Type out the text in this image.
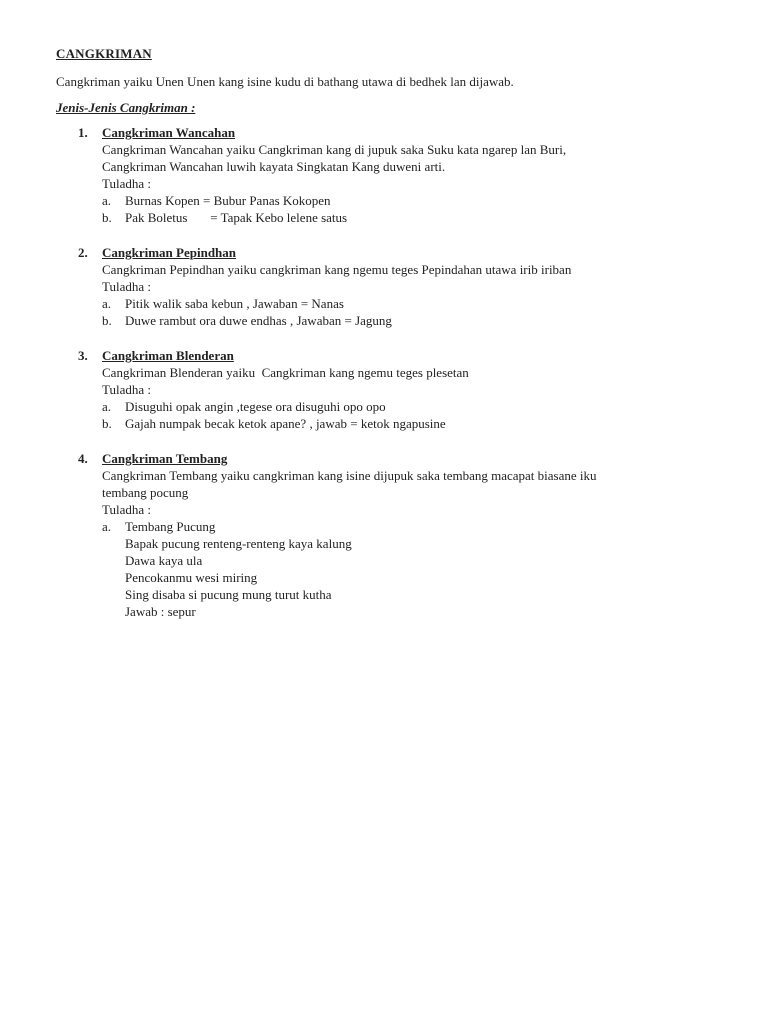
CANGKRIMAN
Cangkriman yaiku Unen Unen kang isine kudu di bathang utawa di bedhek lan dijawab.
Jenis-Jenis Cangkriman :
1. Cangkriman Wancahan
Cangkriman Wancahan yaiku Cangkriman kang di jupuk saka Suku kata ngarep lan Buri,
Cangkriman Wancahan luwih kayata Singkatan Kang duweni arti.
Tuladha :
a. Burnas Kopen = Bubur Panas Kokopen
b. Pak Boletus       = Tapak Kebo lelene satus
2. Cangkriman Pepindhan
Cangkriman Pepindhan yaiku cangkriman kang ngemu teges Pepindahan utawa irib iriban
Tuladha :
a. Pitik walik saba kebun , Jawaban = Nanas
b. Duwe rambut ora duwe endhas , Jawaban = Jagung
3. Cangkriman Blenderan
Cangkriman Blenderan yaiku  Cangkriman kang ngemu teges plesetan
Tuladha :
a. Disuguhi opak angin ,tegese ora disuguhi opo opo
b. Gajah numpak becak ketok apane? , jawab = ketok ngapusine
4. Cangkriman Tembang
Cangkriman Tembang yaiku cangkriman kang isine dijupuk saka tembang macapat biasane iku
tembang pocung
Tuladha :
a. Tembang Pucung
Bapak pucung renteng-renteng kaya kalung
Dawa kaya ula
Pencokanmu wesi miring
Sing disaba si pucung mung turut kutha
Jawab : sepur
